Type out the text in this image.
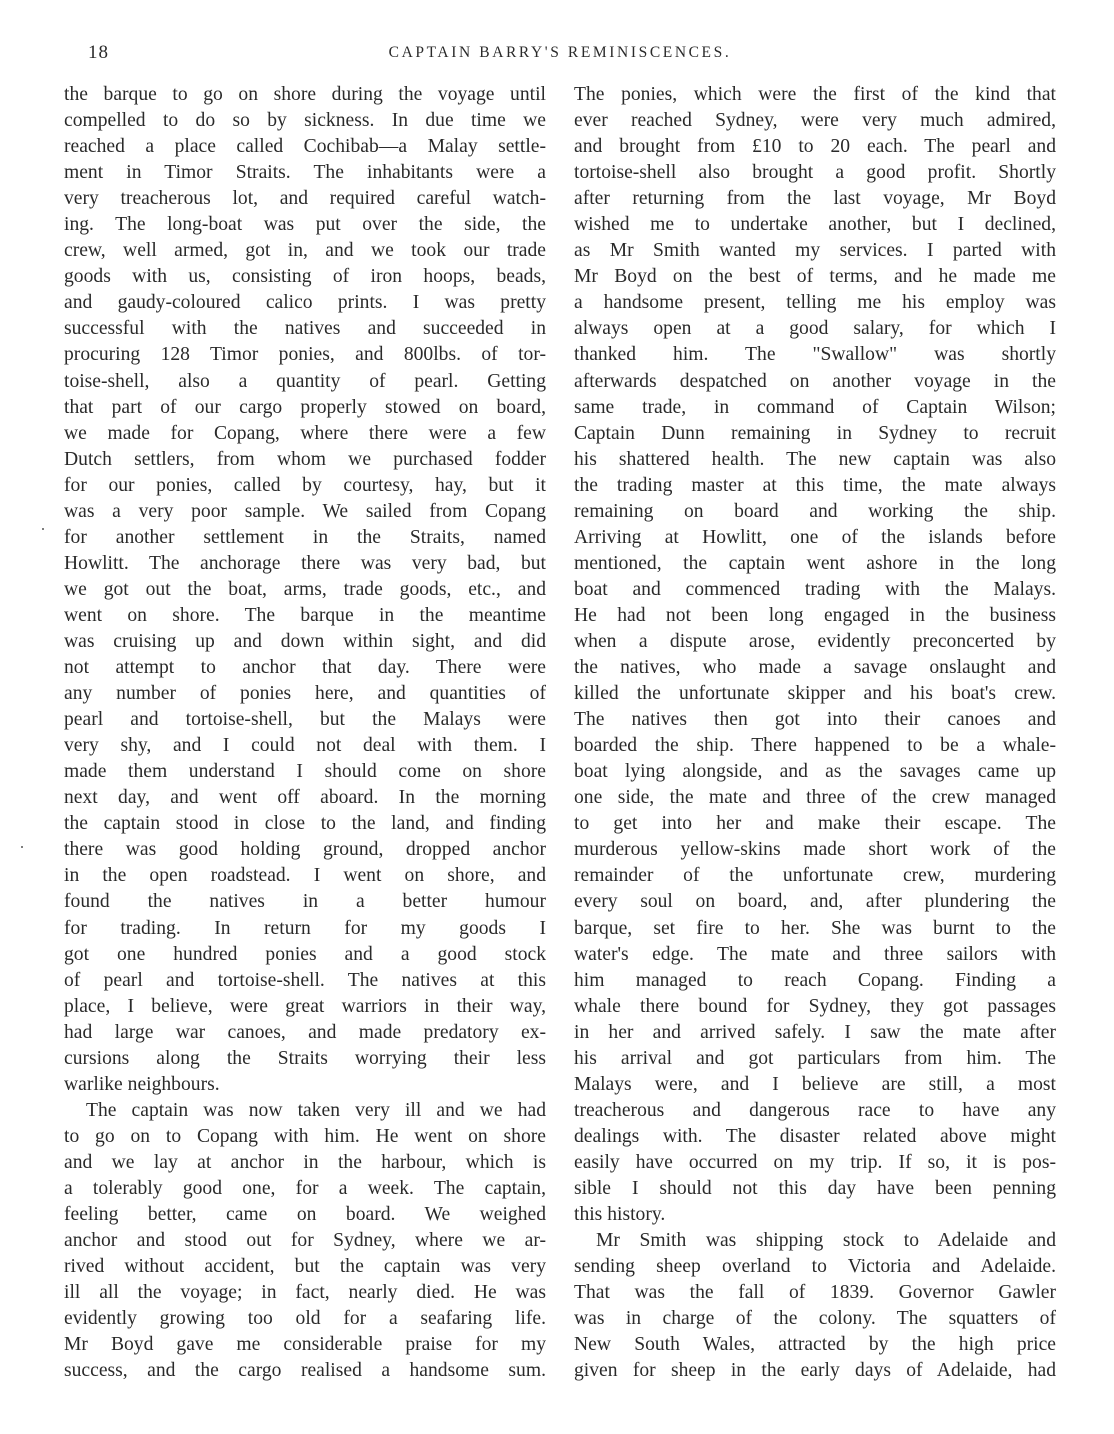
18	CAPTAIN BARRY'S REMINISCENCES.
the barque to go on shore during the voyage until
compelled to do so by sickness. In due time we
reached a place called Cochibab—a Malay settle-
ment in Timor Straits. The inhabitants were a
very treacherous lot, and required careful watch-
ing. The long-boat was put over the side, the
crew, well armed, got in, and we took our trade
goods with us, consisting of iron hoops, beads,
and gaudy-coloured calico prints. I was pretty
successful with the natives and succeeded in
procuring 128 Timor ponies, and 800lbs. of tor-
toise-shell, also a quantity of pearl. Getting
that part of our cargo properly stowed on board,
we made for Copang, where there were a few
Dutch settlers, from whom we purchased fodder
for our ponies, called by courtesy, hay, but it
was a very poor sample. We sailed from Copang
for another settlement in the Straits, named
Howlitt. The anchorage there was very bad, but
we got out the boat, arms, trade goods, etc., and
went on shore. The barque in the meantime
was cruising up and down within sight, and did
not attempt to anchor that day. There were
any number of ponies here, and quantities of
pearl and tortoise-shell, but the Malays were
very shy, and I could not deal with them. I
made them understand I should come on shore
next day, and went off aboard. In the morning
the captain stood in close to the land, and finding
there was good holding ground, dropped anchor
in the open roadstead. I went on shore, and
found the natives in a better humour
for trading. In return for my goods I
got one hundred ponies and a good stock
of pearl and tortoise-shell. The natives at this
place, I believe, were great warriors in their way,
had large war canoes, and made predatory ex-
cursions along the Straits worrying their less
warlike neighbours.
The captain was now taken very ill and we had
to go on to Copang with him. He went on shore
and we lay at anchor in the harbour, which is
a tolerably good one, for a week. The captain,
feeling better, came on board. We weighed
anchor and stood out for Sydney, where we ar-
rived without accident, but the captain was very
ill all the voyage; in fact, nearly died. He was
evidently growing too old for a seafaring life.
Mr Boyd gave me considerable praise for my
success, and the cargo realised a handsome sum.
The ponies, which were the first of the kind that
ever reached Sydney, were very much admired,
and brought from £10 to 20 each. The pearl and
tortoise-shell also brought a good profit. Shortly
after returning from the last voyage, Mr Boyd
wished me to undertake another, but I declined,
as Mr Smith wanted my services. I parted with
Mr Boyd on the best of terms, and he made me
a handsome present, telling me his employ was
always open at a good salary, for which I
thanked him. The "Swallow" was shortly
afterwards despatched on another voyage in the
same trade, in command of Captain Wilson;
Captain Dunn remaining in Sydney to recruit
his shattered health. The new captain was also
the trading master at this time, the mate always
remaining on board and working the ship.
Arriving at Howlitt, one of the islands before
mentioned, the captain went ashore in the long
boat and commenced trading with the Malays.
He had not been long engaged in the business
when a dispute arose, evidently preconcerted by
the natives, who made a savage onslaught and
killed the unfortunate skipper and his boat's crew.
The natives then got into their canoes and
boarded the ship. There happened to be a whale-
boat lying alongside, and as the savages came up
one side, the mate and three of the crew managed
to get into her and make their escape. The
murderous yellow-skins made short work of the
remainder of the unfortunate crew, murdering
every soul on board, and, after plundering the
barque, set fire to her. She was burnt to the
water's edge. The mate and three sailors with
him managed to reach Copang. Finding a
whale there bound for Sydney, they got passages
in her and arrived safely. I saw the mate after
his arrival and got particulars from him. The
Malays were, and I believe are still, a most
treacherous and dangerous race to have any
dealings with. The disaster related above might
easily have occurred on my trip. If so, it is pos-
sible I should not this day have been penning
this history.
Mr Smith was shipping stock to Adelaide and
sending sheep overland to Victoria and Adelaide.
That was the fall of 1839. Governor Gawler
was in charge of the colony. The squatters of
New South Wales, attracted by the high price
given for sheep in the early days of Adelaide, had
